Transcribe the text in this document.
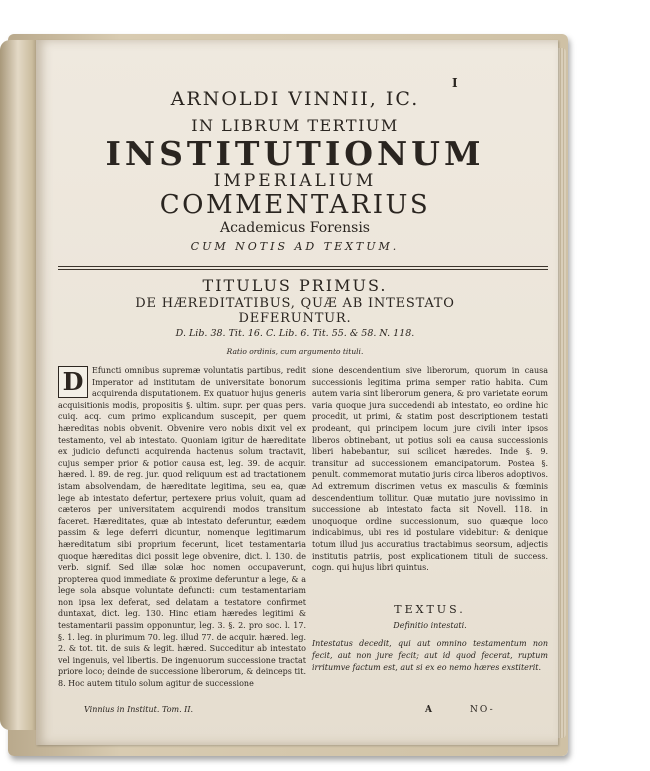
I
ARNOLDI VINNII, IC.
IN LIBRUM TERTIUM
INSTITUTIONUM
IMPERIALIUM
COMMENTARIUS
Academicus Forensis
CUM NOTIS AD TEXTUM.
TITULUS PRIMUS.
DE HÆREDITATIBUS, QUÆ AB INTESTATO
DEFERUNTUR.
D. Lib. 38. Tit. 16. C. Lib. 6. Tit. 55. & 58. N. 118.
Ratio ordinis, cum argumento tituli.
D	Efuncti omnibus supremæ voluntatis partibus, redit Imperator ad institutam de universitate bonorum acquirenda disputationem. Ex quatuor hujus generis acquisitionis modis, propositis §. ultim. supr. per quas pers. cuiq. acq. cum primo explicandum suscepit, per quem hæreditas nobis obvenit. Obvenire vero nobis dixit vel ex testamento, vel ab intestato. Quoniam igitur de hæreditate ex judicio defuncti acquirenda hactenus solum tractavit, cujus semper prior & potior causa est, leg. 39. de acquir. hæred. l. 89. de reg. jur. quod reliquum est ad tractationem istam absolvendam, de hæreditate legitima, seu ea, quæ lege ab intestato defertur, pertexere prius voluit, quam ad cæteros per universitatem acquirendi modos transitum faceret. Hæreditates, quæ ab intestato deferuntur, eædem passim & lege deferri dicuntur, nomenque legitimarum hæreditatum sibi proprium fecerunt, licet testamentaria quoque hæreditas dici possit lege obvenire, dict. l. 130. de verb. signif. Sed illæ solæ hoc nomen occupaverunt, propterea quod immediate & proxime deferuntur a lege, & a lege sola absque voluntate defuncti: cum testamentariam non ipsa lex deferat, sed delatam a testatore confirmet duntaxat, dict. leg. 130. Hinc etiam hæredes legitimi & testamentarii passim opponuntur, leg. 3. §. 2. pro soc. l. 17. §. 1. leg. in plurimum 70. leg. illud 77. de acquir. hæred. leg. 2. & tot. tit. de suis & legit. hæred. Succeditur ab intestato vel ingenuis, vel libertis. De ingenuorum successione tractat priore loco; deinde de successione liberorum, & deinceps tit. 8. Hoc autem titulo solum agitur de successione

sione descendentium sive liberorum, quorum in causa successionis legitima prima semper ratio habita. Cum autem varia sint liberorum genera, & pro varietate eorum varia quoque jura succedendi ab intestato, eo ordine hic procedit, ut primi, & statim post descriptionem testati prodeant, qui principem locum jure civili inter ipsos liberos obtinebant, ut potius soli ea causa successionis liberi habebantur, sui scilicet hæredes. Inde §. 9. transitur ad successionem emancipatorum. Postea §. penult. commemorat mutatio juris circa liberos adoptivos. Ad extremum discrimen vetus ex masculis & fœminis descendentium tollitur. Quæ mutatio jure novissimo in successione ab intestato facta sit Novell. 118. in unoquoque ordine successionum, suo quæque loco indicabimus, ubi res id postulare videbitur: & denique totum illud jus accuratius tractabimus seorsum, adjectis institutis patriis, post explicationem tituli de success. cogn. qui hujus libri quintus.

TEXTUS.
Definitio intestati.
Intestatus decedit, qui aut omnino testamentum non fecit, aut non jure fecit; aut id quod fecerat, ruptum irritumve factum est, aut si ex eo nemo hæres exstiterit.
Vinnius in Institut. Tom. II.	A	NO-
